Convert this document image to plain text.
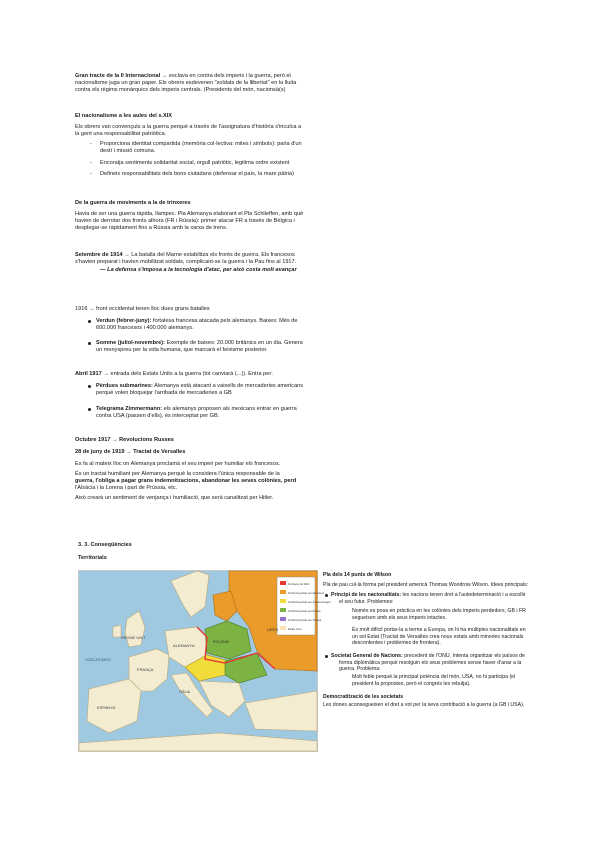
Gran tracte de la II Internacional → esclava en contra dels imperis i la guerra, però el
nacionalisme juga un gran paper. Els obrers esdevenen "soldats de la llibertat" en la lluita
contra els règims monàrquics dels imperis centrals. (Presidents del món, nacionsà(s)
El nacionalisme a les aules del s.XIX
Els obrers van convençuts a la guerra perquè a través de l'assignatura d'història s'inculca a
la gent una responsabilitat patriòtica.
- Proporciona identitat compartida (memòria col·lectiva: mites i símbols): parla d'un
destí i missió comuna.
- Encoratja sentiments solidaritat social, orgull patriòtic, legitima ordre existent
- Defineix responsabilitats dels bons ciutadans (defensar el país, la mare pàtria)
De la guerra de moviments a la de trinxeres
Havia de ser una guerra ràpida, llampec. Pla Alemanya elaborant el Pla Schlieffen, amb què
havien de derrotar dos fronts alhora (FR i Rússia): primer atacar FR a través de Bèlgica i
desplegar-se ràpidament fins a Rússia amb la xarxa de trens.
Setembre de 1914 → La batalla del Marne estabilitza els fronts de guerra. Els francesos
s'havien preparat i havien mobilitzat soldats, complicant-se la guerra i la Pau fins al 1917.
— La defensa s'imposa a la tecnologia d'atac, per això costa molt avançar
1916 → front occidental tenen lloc dues grans batalles
Verdun (febrer-juny): fortalesa francesa atacada pels alemanys. Baixes: Més de
600.000 francesos i 400.000 alemanys.
Somme (juliol-novembre): Exemple de baixes: 20.000 britànics en un dia. Genera
un menyspreu per la vida humana, que marcarà el feixisme posterior.
Abril 1917 → entrada dels Estats Units a la guerra (tot canviarà (...)). Entra per:
Pèrdues submarines: Alemanya està atacant a vaixells de mercaderies americans
perquè volen bloquejar l'arribada de mercaderies a GB
Telegrama Zimmermann: els alemanys proposen als mexicans entrar en guerra
contra USA (passen d'ells), és interceptat per GB.
Octubre 1917 → Revolucions Russes
28 de juny de 1919 → Tractat de Versalles
Es fa al mateix lloc on Alemanya proclamà el seu imperi per humiliar els francesos.
És un tractat humiliant per Alemanya perquè la considera l'única responsable de la
guerra, l'obliga a pagar grans indemnitzacions, abandonar les seves colònies, perd
l'Alsàcia i la Lorena i part de Prússia, etc.
Això crearà un sentiment de venjança i humiliació, que serà canalitzat per Hitler.
3. 3. Conseqüències
Territorials
Fronteres de 1914
Territoris perduts per Alemanya
Territoris perduts per Àustria-Hongria
Territoris perduts per Rússia
Territoris perduts per Turquia
Estats nous
REGNE UNIT
FRANÇA
ESPANYA
ALEMANYA
POLÒNIA
ITÀLIA
URSS
OCEÀ ATLÀNTIC
Pla dels 14 punts de Wilson
Pla de pau cul·la forma pel president americà Thomas Woodrow Wilson. Idees principals:
Principi de les nacionalitats: les nacions tenen dret a l'autodeterminació i a escollir
el seu futur. Problemes:
Només es posa en pràctica en les colònies dels imperis perdedors, GB i FR
segueixen amb els seus imperis intactes.
És molt difícil portar-la a terme a Europa, on hi ha múltiples nacionalitats en
un sol Estat (Tractat de Versalles crea nous estats amb minories nacionals
descontentes i problemes de frontera).
Societat General de Nacions: precedent de l'ONU. Intenta organitzar els països de
forma diplomàtica perquè resolguin els seus problemes sense haver d'anar a la
guerra. Problema:
Molt feble perquè la principal potència del món, USA, no hi participa (el
president fa propostes, però el congrés les rebutja).
Democratització de les societats
Les dones aconsegueixen el dret a vot per la seva contribució a la guerra (a GB i USA).
